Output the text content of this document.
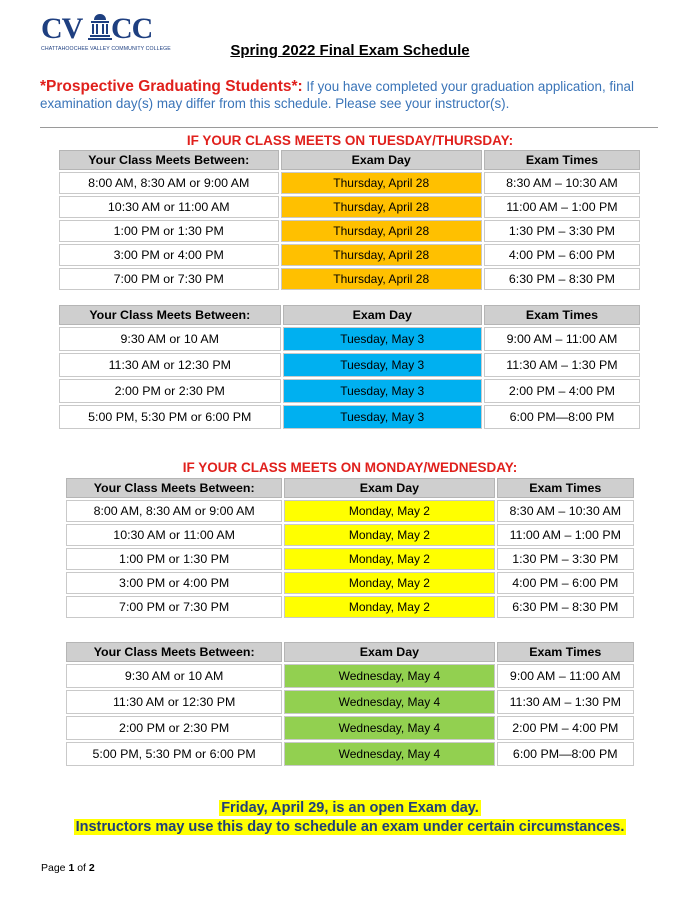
CV CC
CHATTAHOOCHEE VALLEY COMMUNITY COLLEGE	Spring 2022 Final Exam Schedule
*Prospective Graduating Students*: If you have completed your graduation application, final examination day(s) may differ from this schedule. Please see your instructor(s).
IF YOUR CLASS MEETS ON TUESDAY/THURSDAY:
Your Class Meets Between:	Exam Day	Exam Times
8:00 AM, 8:30 AM or 9:00 AM	Thursday, April 28	8:30 AM – 10:30 AM
10:30 AM or 11:00 AM	Thursday, April 28	11:00 AM – 1:00 PM
1:00 PM or 1:30 PM	Thursday, April 28	1:30 PM – 3:30 PM
3:00 PM or 4:00 PM	Thursday, April 28	4:00 PM – 6:00 PM
7:00 PM or 7:30 PM	Thursday, April 28	6:30 PM – 8:30 PM
Your Class Meets Between:	Exam Day	Exam Times
9:30 AM or 10 AM	Tuesday, May 3	9:00 AM – 11:00 AM
11:30 AM or 12:30 PM	Tuesday, May 3	11:30 AM – 1:30 PM
2:00 PM or 2:30 PM	Tuesday, May 3	2:00 PM – 4:00 PM
5:00 PM, 5:30 PM or 6:00 PM	Tuesday, May 3	6:00 PM—8:00 PM
IF YOUR CLASS MEETS ON MONDAY/WEDNESDAY:
Your Class Meets Between:	Exam Day	Exam Times
8:00 AM, 8:30 AM or 9:00 AM	Monday, May 2	8:30 AM – 10:30 AM
10:30 AM or 11:00 AM	Monday, May 2	11:00 AM – 1:00 PM
1:00 PM or 1:30 PM	Monday, May 2	1:30 PM – 3:30 PM
3:00 PM or 4:00 PM	Monday, May 2	4:00 PM – 6:00 PM
7:00 PM or 7:30 PM	Monday, May 2	6:30 PM – 8:30 PM
Your Class Meets Between:	Exam Day	Exam Times
9:30 AM or 10 AM	Wednesday, May 4	9:00 AM – 11:00 AM
11:30 AM or 12:30 PM	Wednesday, May 4	11:30 AM – 1:30 PM
2:00 PM or 2:30 PM	Wednesday, May 4	2:00 PM – 4:00 PM
5:00 PM, 5:30 PM or 6:00 PM	Wednesday, May 4	6:00 PM—8:00 PM
Friday, April 29, is an open Exam day.
Instructors may use this day to schedule an exam under certain circumstances.
Page 1 of 2
